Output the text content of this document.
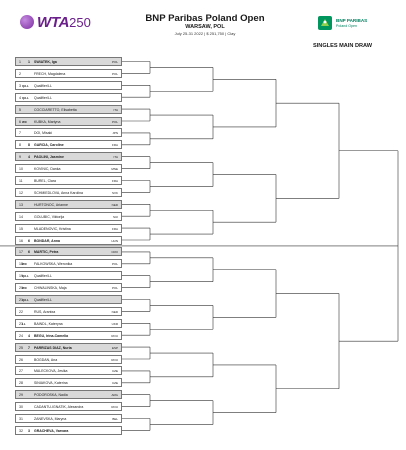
WTA 250	BNP Paribas Poland Open
WARSAW, POL
July 25-31 2022 | $ 251,750 | Clay
BNP PARIBAS
Poland Open
SINGLES MAIN DRAW
1	1 SWIATEK, Iga	POL
2	FRECH, Magdalena	POL
3 Q/LL Qualifier/LL
4 Q/LL Qualifier/LL
5	COCCIARETTO, Elisabetta	ITA
6 WC KUBKA, Martyna	POL
7	DOI, Misaki	JPN
8	8 GARCIA, Caroline	FRA
9	4 PAOLINI, Jasmine	ITA
10	KOVINIC, Danka	MNE
11	BUREL, Clara	FRA
12	SCHMIEDLOVA, Anna Karolina	SVK
13	HURTONOC, Arianne	NED
14	GOLUBIC, Viktorija	SUI
15	MLADENOVIC, Kristina	FRA
16	6 BONDAR, Anna	HUN
17	6 MARTIC, Petra	CRO
18 WC FALKOWSKA, Weronika	POL
19 Q/LL Qualifier/LL
20 WC CHWALINSKA, Maja	POL
21 Q/LL Qualifier/LL
22	RUS, Arantxa	NED
23 LL BAINDL, Kateryna	UKR
24	4 BEGU, Irina-Camelia	ROU
25	7 PARRIZAS DIAZ, Nuria	ESP
26	BOGDAN, Ana	ROU
27	MALECKOVA, Jesika	CZE
28	SINIAKOVA, Katerina	CZE
29	PODOROSKA, Nadia	ARG
30	CADANTU-IGNATIK, Alexandra	ROU
31	ZANEVSKA, Maryna	BEL
32	3 GRACHEVA, Varvara
